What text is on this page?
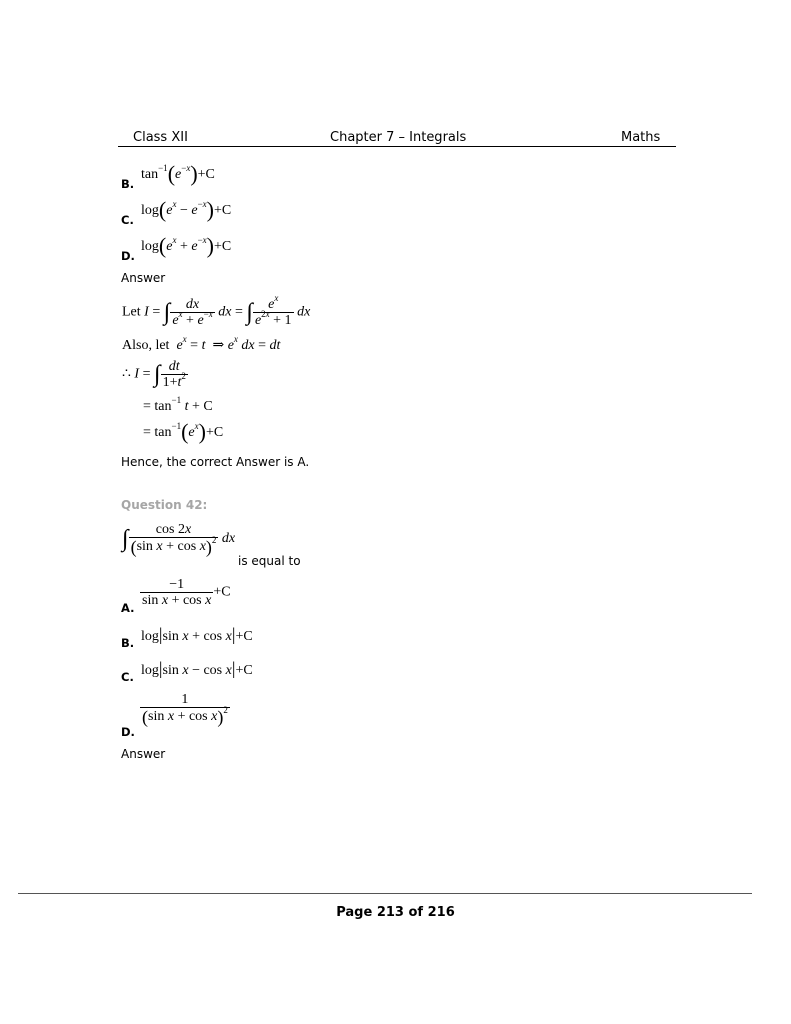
Class XII	Chapter 7 – Integrals	Maths
B.
$\tan^{-1}(e^{-x})+C$
C.
$\log(e^x - e^{-x})+C$
D.
$\log(e^x + e^{-x})+C$
Answer
Let I = ∫ $\frac{dx}{e^x + e^{-x}}$ dx = ∫ $\frac{e^x}{e^{2x} + 1}$ dx
Also, let $e^x = t$  ⇒ $e^x$ dx = dt
∴ I = ∫ $\frac{dt}{1+t^2}$
= $\tan^{-1} t + C$
= $\tan^{-1}(e^x)+C$
Hence, the correct Answer is A.
Question 42:
∫ $\frac{\cos 2x}{(\sin x + \cos x)^2}$ dx
is equal to
A. $\frac{-1}{\text{sin x + cos x}} +C$
B. log|sin x + cos x|+C
C. log|sin x − cos x|+C
D.
$\frac{1}{(\sin x + \cos x)^2}$
Answer
Page 213 of 216
